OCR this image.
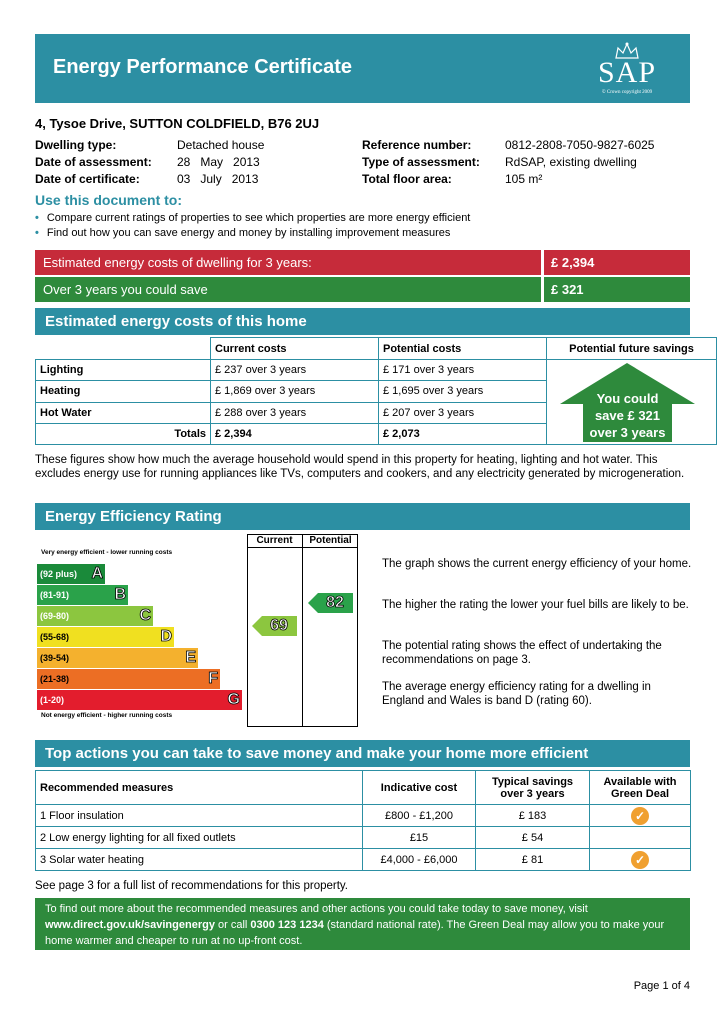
Energy Performance Certificate	SAP
© Crown copyright 2009
4, Tysoe Drive, SUTTON COLDFIELD, B76 2UJ
Dwelling type:	Detached house
Date of assessment: 28   May   2013
Date of certificate:	03   July   2013
Reference number:	0812-2808-7050-9827-6025
Type of assessment: RdSAP, existing dwelling
Total floor area:	105 m²
Use this document to:
• Compare current ratings of properties to see which properties are more energy efficient
• Find out how you can save energy and money by installing improvement measures
Estimated energy costs of dwelling for 3 years:	£ 2,394
Over 3 years you could save	£ 321
Estimated energy costs of this home
	Current costs	Potential costs	Potential future savings
Lighting	£ 237 over 3 years	£ 171 over 3 years	You could
save £ 321
over 3 years

Heating	£ 1,869 over 3 years	£ 1,695 over 3 years	
Hot Water	£ 288 over 3 years	£ 207 over 3 years	
Totals	£ 2,394	£ 2,073	
These figures show how much the average household would spend in this property for heating, lighting and hot water. This excludes energy use for running appliances like TVs, computers and cookers, and any electricity generated by microgeneration.
Energy Efficiency Rating
Current	Potential
Very energy efficient - lower running costs
(92 plus) A
(81-91)	B
(69-80)	C
(55-68)	D
(39-54)	E
(21-38)	F
(1-20)	G
Not energy efficient - higher running costs
69
82
The graph shows the current energy efficiency of your home.
The higher the rating the lower your fuel bills are likely to be.
The potential rating shows the effect of undertaking the recommendations on page 3.
The average energy efficiency rating for a dwelling in England and Wales is band D (rating 60).
Top actions you can take to save money and make your home more efficient
Recommended measures	Indicative cost	Typical savings over 3 years	Available with Green Deal
1 Floor insulation	£800 - £1,200	£ 183	✓
2 Low energy lighting for all fixed outlets	£15	£ 54	
3 Solar water heating	£4,000 - £6,000	£ 81	✓
See page 3 for a full list of recommendations for this property.
To find out more about the recommended measures and other actions you could take today to save money, visit www.direct.gov.uk/savingenergy or call 0300 123 1234 (standard national rate). The Green Deal may allow you to make your home warmer and cheaper to run at no up-front cost.
Page 1 of 4
